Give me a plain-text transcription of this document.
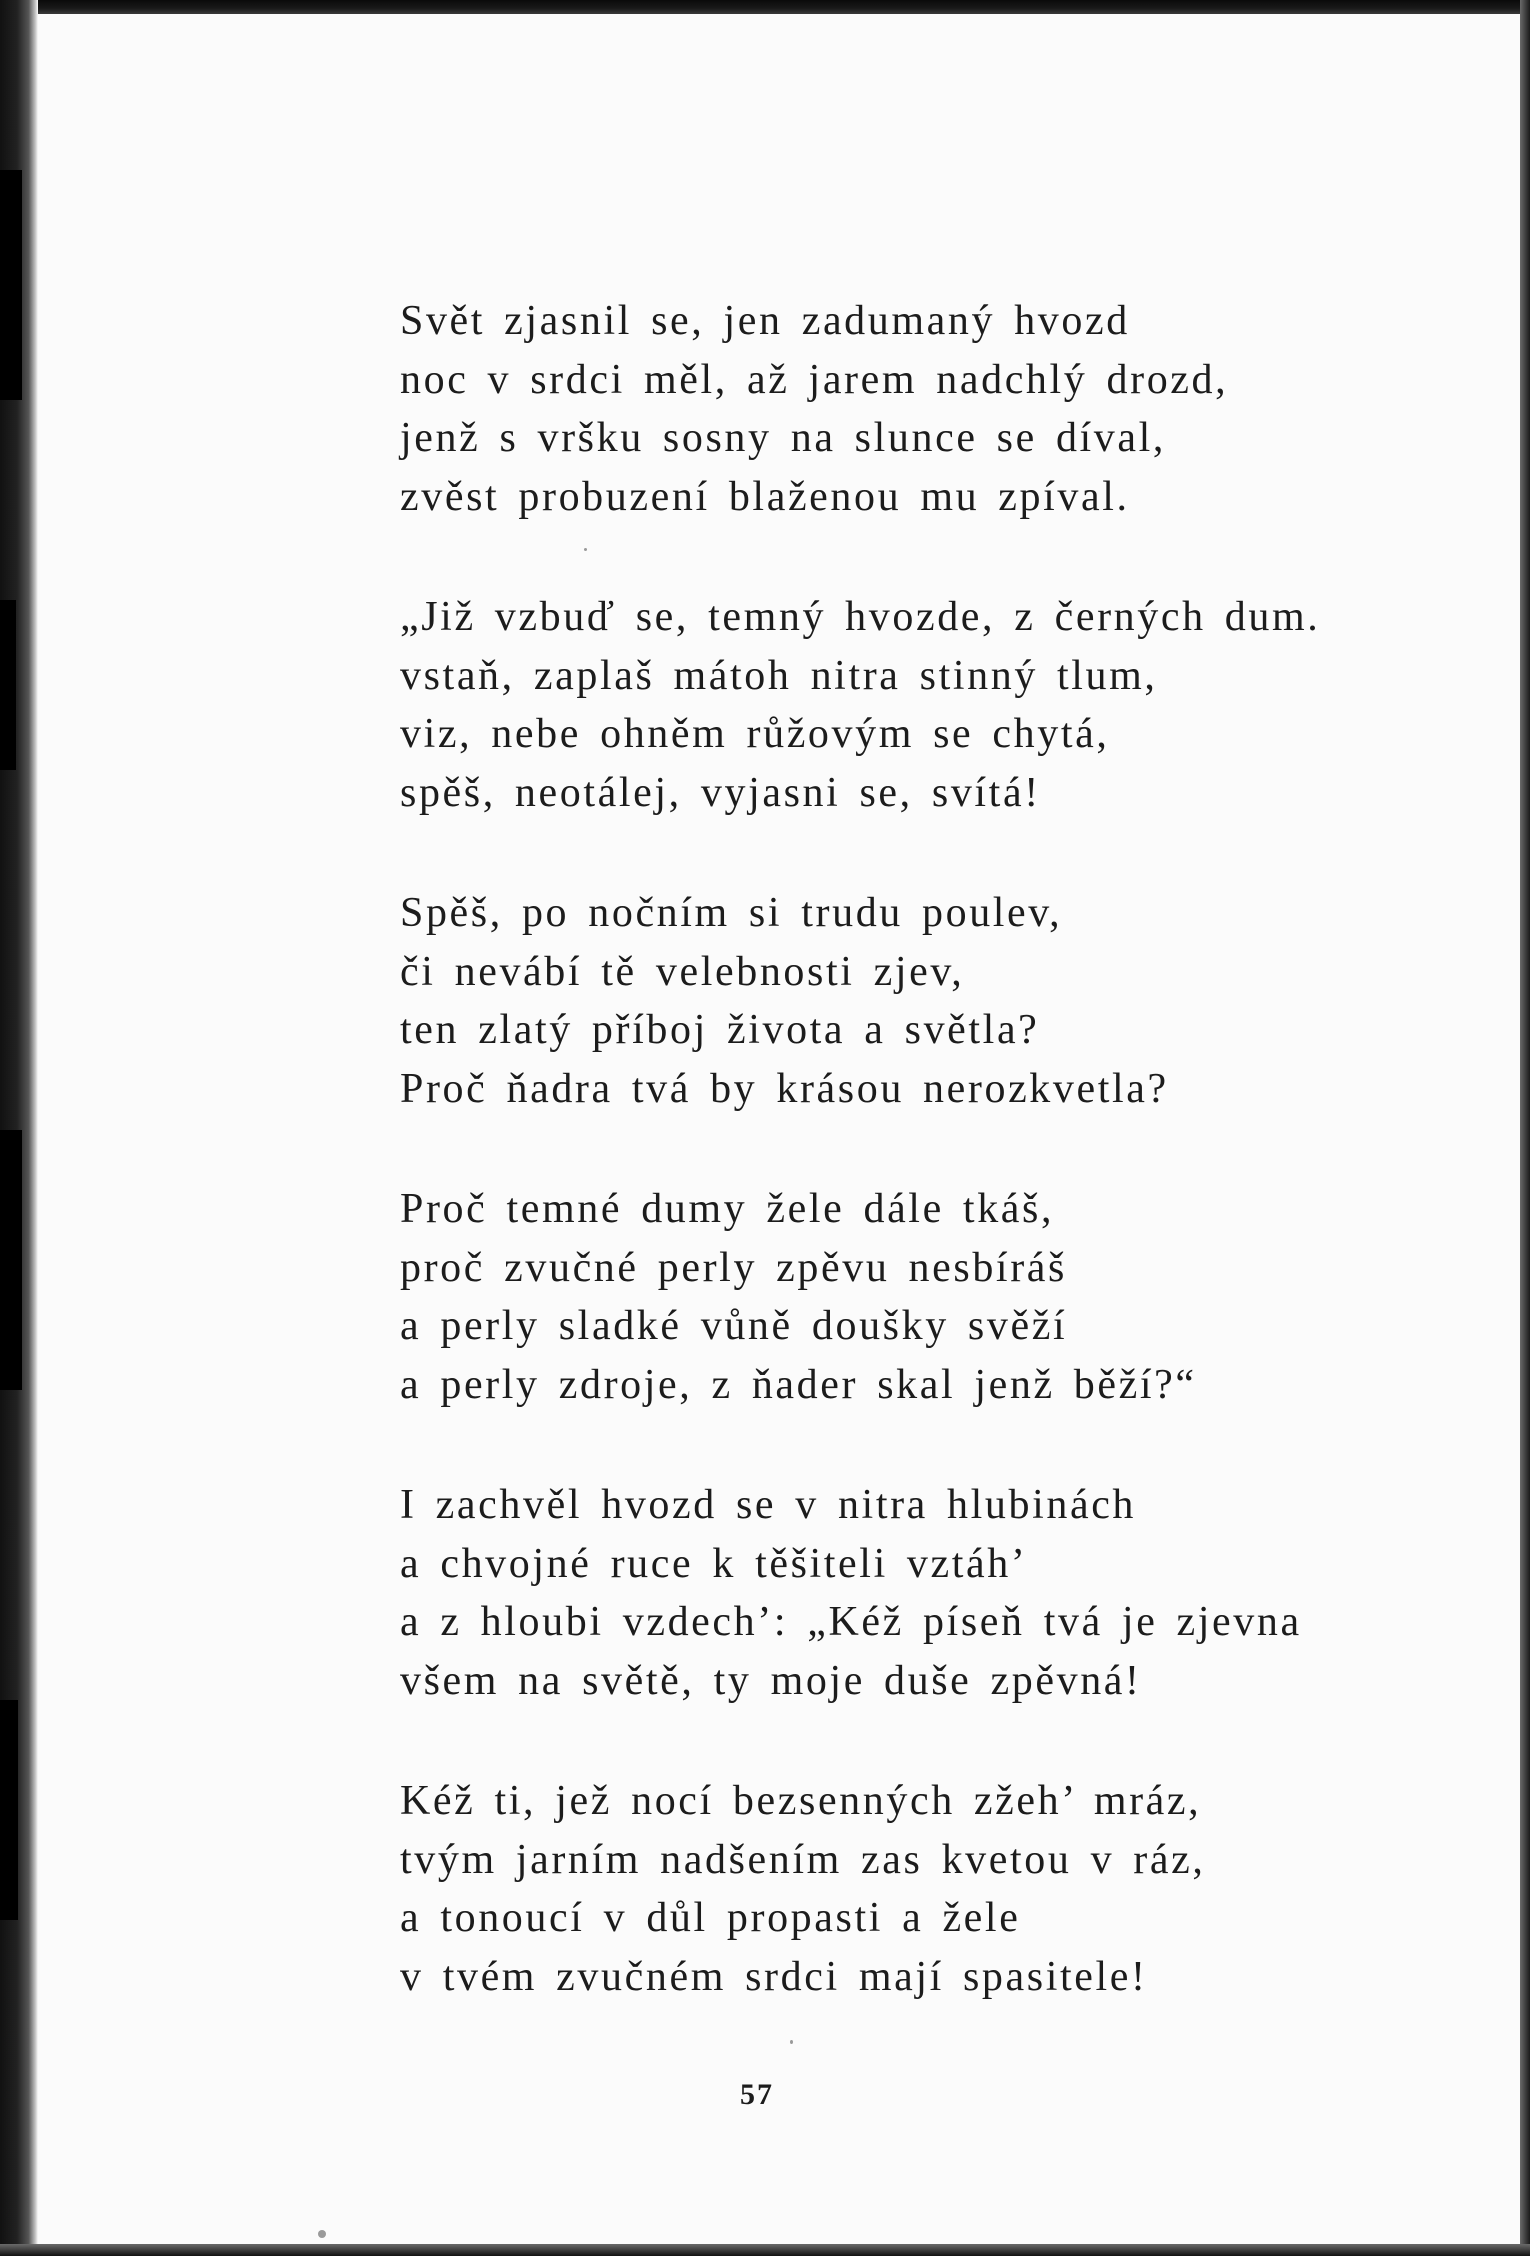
Svět zjasnil se, jen zadumaný hvozd
noc v srdci měl, až jarem nadchlý drozd,
jenž s vršku sosny na slunce se díval,
zvěst probuzení blaženou mu zpíval.
„Již vzbuď se, temný hvozde, z černých dum.
vstaň, zaplaš mátoh nitra stinný tlum,
viz, nebe ohněm růžovým se chytá,
spěš, neotálej, vyjasni se, svítá!
Spěš, po nočním si trudu poulev,
či nevábí tě velebnosti zjev,
ten zlatý příboj života a světla?
Proč ňadra tvá by krásou nerozkvetla?
Proč temné dumy žele dále tkáš,
proč zvučné perly zpěvu nesbíráš
a perly sladké vůně doušky svěží
a perly zdroje, z ňader skal jenž běží?“
I zachvěl hvozd se v nitra hlubinách
a chvojné ruce k těšiteli vztáh’
a z hloubi vzdech’: „Kéž píseň tvá je zjevna
všem na světě, ty moje duše zpěvná!
Kéž ti, jež nocí bezsenných zžeh’ mráz,
tvým jarním nadšením zas kvetou v ráz,
a tonoucí v důl propasti a žele
v tvém zvučném srdci mají spasitele!
57
